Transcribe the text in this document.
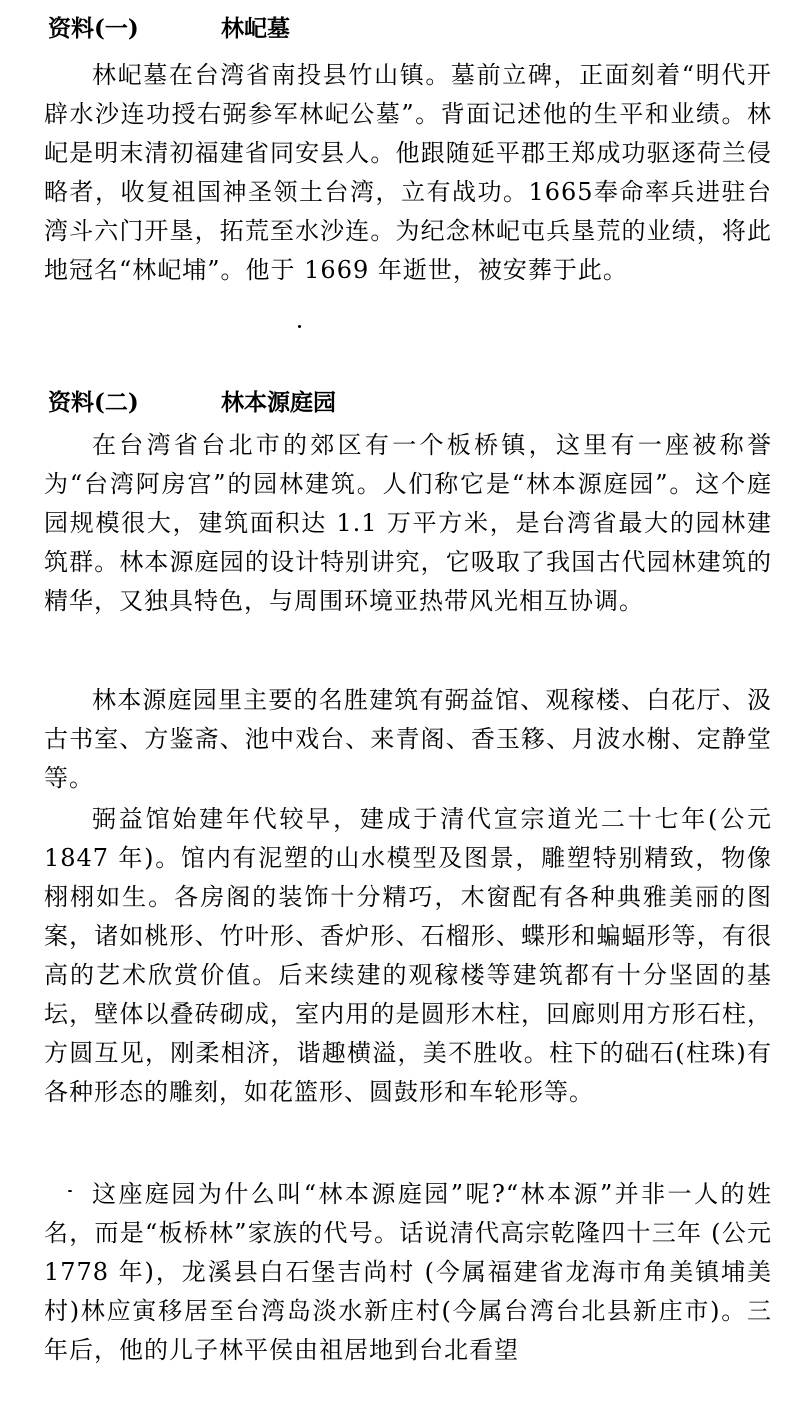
资料(一)	林屺墓

林屺墓在台湾省南投县竹山镇。墓前立碑，正面刻着“明代开辟水沙连功授右弼参军林屺公墓”。背面记述他的生平和业绩。林屺是明末清初福建省同安县人。他跟随延平郡王郑成功驱逐荷兰侵略者，收复祖国神圣领土台湾，立有战功。1665奉命率兵进驻台湾斗六门开垦，拓荒至水沙连。为纪念林屺屯兵垦荒的业绩，将此地冠名“林屺埔”。他于 1669 年逝世，被安葬于此。

资料(二)	林本源庭园

在台湾省台北市的郊区有一个板桥镇，这里有一座被称誉为“台湾阿房宫”的园林建筑。人们称它是“林本源庭园”。这个庭园规模很大，建筑面积达 1.1 万平方米，是台湾省最大的园林建筑群。林本源庭园的设计特别讲究，它吸取了我国古代园林建筑的精华，又独具特色，与周围环境亚热带风光相互协调。

林本源庭园里主要的名胜建筑有弼益馆、观稼楼、白花厅、汲古书室、方鉴斋、池中戏台、来青阁、香玉簃、月波水榭、定静堂等。

弼益馆始建年代较早，建成于清代宣宗道光二十七年(公元 1847 年)。馆内有泥塑的山水模型及图景，雕塑特别精致，物像栩栩如生。各房阁的装饰十分精巧，木窗配有各种典雅美丽的图案，诸如桃形、竹叶形、香炉形、石榴形、蝶形和蝙蝠形等，有很高的艺术欣赏价值。后来续建的观稼楼等建筑都有十分坚固的基坛，壁体以叠砖砌成，室内用的是圆形木柱，回廊则用方形石柱，方圆互见，刚柔相济，谐趣横溢，美不胜收。柱下的础石(柱珠)有各种形态的雕刻，如花篮形、圆鼓形和车轮形等。

这座庭园为什么叫“林本源庭园”呢?“林本源”并非一人的姓名，而是“板桥林”家族的代号。话说清代高宗乾隆四十三年 (公元 1778 年)，龙溪县白石堡吉尚村 (今属福建省龙海市角美镇埔美村)林应寅移居至台湾岛淡水新庄村(今属台湾台北县新庄市)。三年后，他的儿子林平侯由祖居地到台北看望
